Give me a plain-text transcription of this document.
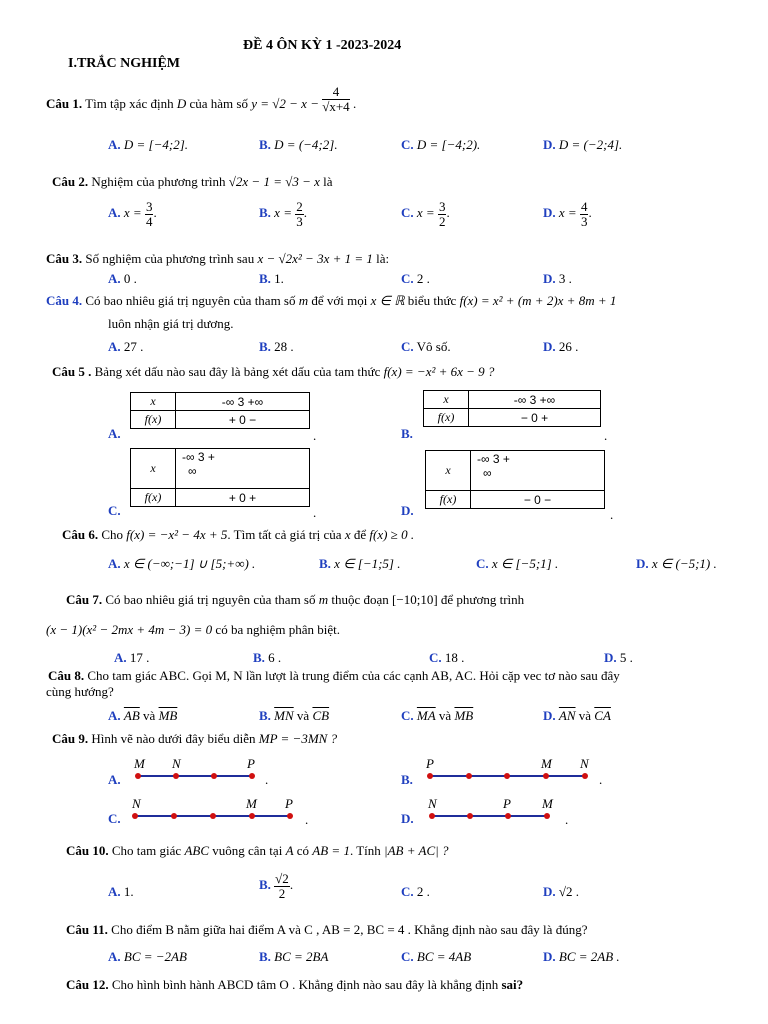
ĐỀ 4 ÔN KỲ 1 -2023-2024
I.TRẮC NGHIỆM
Câu 1. Tìm tập xác định D của hàm số $y = √2 - x - \frac{4}{√x+4}$ .
A. D = [−4;2].	B. D = (−4;2].	C. D = [−4;2).	D. D = (−2;4].
Câu 2. Nghiệm của phương trình √2x − 1 = √3 − x là
A. $x = \frac{3}{4}$ .	B. $x = \frac{2}{3}$ .	C. $x = \frac{3}{2}$ .	D. $x = \frac{4}{3}$ .
Câu 3. Số nghiệm của phương trình sau x − √2x² − 3x + 1 = 1 là:
A. 0 .	B. 1.	C. 2 .	D. 3 .
Câu 4. Có bao nhiêu giá trị nguyên của tham số m để với mọi x ∈ ℝ biểu thức f(x) = x² + (m + 2)x + 8m + 1
luôn nhận giá trị dương.
A. 27 .	B. 28 .	C. Vô số.	D. 26 .
Câu 5 . Bảng xét dấu nào sau đây là bảng xét dấu của tam thức f(x) = −x² + 6x − 9 ?
A.
x	-∞ 3 +∞
f(x)	+ 0 −
.	B.
x	-∞ 3 +∞
f(x)	− 0 +
.
C.
x	-∞ 3 +
∞

f(x)	+ 0 +
.	D.
x	-∞ 3 +
∞

f(x)	− 0 −
.
Câu 6. Cho f(x) = −x² − 4x + 5. Tìm tất cả giá trị của x để f(x) ≥ 0 .
A. x ∈ (−∞;−1] ∪ [5;+∞) .	B. x ∈ [−1;5] .	C. x ∈ [−5;1] .	D. x ∈ (−5;1) .
Câu 7. Có bao nhiêu giá trị nguyên của tham số m thuộc đoạn [−10;10] để phương trình
(x − 1)(x² − 2mx + 4m − 3) = 0 có ba nghiệm phân biệt.
A. 17 .	B. 6 .	C. 18 .	D. 5 .
Câu 8. Cho tam giác ABC. Gọi M, N lần lượt là trung điểm của các cạnh AB, AC. Hỏi cặp vec tơ nào sau đây
cùng hướng?
A. $\overline{AB}$ và $\overline{MB}$	B. $\overline{MN}$ và $\overline{CB}$	C. $\overline{MA}$ và $\overline{MB}$	D. $\overline{AN}$ và $\overline{CA}$
Câu 9. Hình vẽ nào dưới đây biểu diễn MP = −3MN ?
A.
M N	P
.	B.
P	M N
.
C.
N	M P
.	D.
N	P M
.
Câu 10. Cho tam giác ABC vuông cân tại A có AB = 1. Tính |AB + AC| ?
A. 1.	B. $\frac{√2}{2}$ .	C. 2 .	D. √2 .
Câu 11. Cho điểm B nằm giữa hai điểm A và C , AB = 2, BC = 4 . Khẳng định nào sau đây là đúng?
A. BC = −2AB	B. BC = 2BA	C. BC = 4AB	D. BC = 2AB .
Câu 12. Cho hình bình hành ABCD tâm O . Khẳng định nào sau đây là khẳng định sai?
